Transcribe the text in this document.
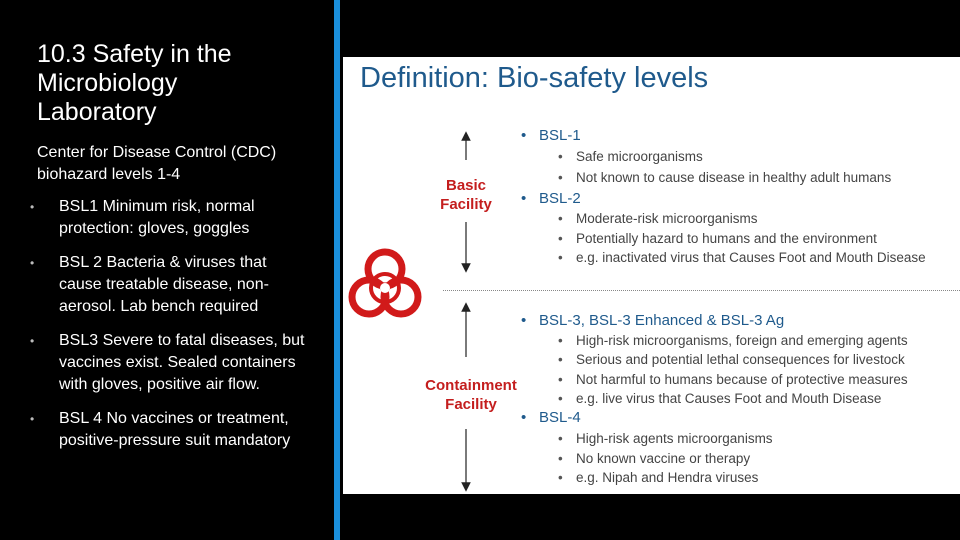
10.3 Safety in the Microbiology Laboratory
Center for Disease Control (CDC) biohazard levels 1-4
•	BSL1 Minimum risk, normal protection: gloves, goggles
•	BSL 2 Bacteria & viruses that cause treatable disease, non-aerosol. Lab bench required
•	BSL3 Severe to fatal diseases, but vaccines exist. Sealed containers with gloves, positive air flow.
•	BSL 4 No vaccines or treatment, positive-pressure suit mandatory
Definition: Bio-safety levels
Basic Facility
Containment Facility
• BSL-1
• Safe microorganisms
• Not known to cause disease in healthy adult humans
• BSL-2
• Moderate-risk microorganisms
• Potentially hazard to humans and the environment
• e.g. inactivated virus that Causes Foot and Mouth Disease
• BSL-3, BSL-3 Enhanced & BSL-3 Ag
• High-risk microorganisms, foreign and emerging agents
• Serious and potential lethal consequences for livestock
• Not harmful to humans because of protective measures
• e.g. live virus that Causes Foot and Mouth Disease
• BSL-4
• High-risk agents microorganisms
• No known vaccine or therapy
• e.g. Nipah and Hendra viruses
